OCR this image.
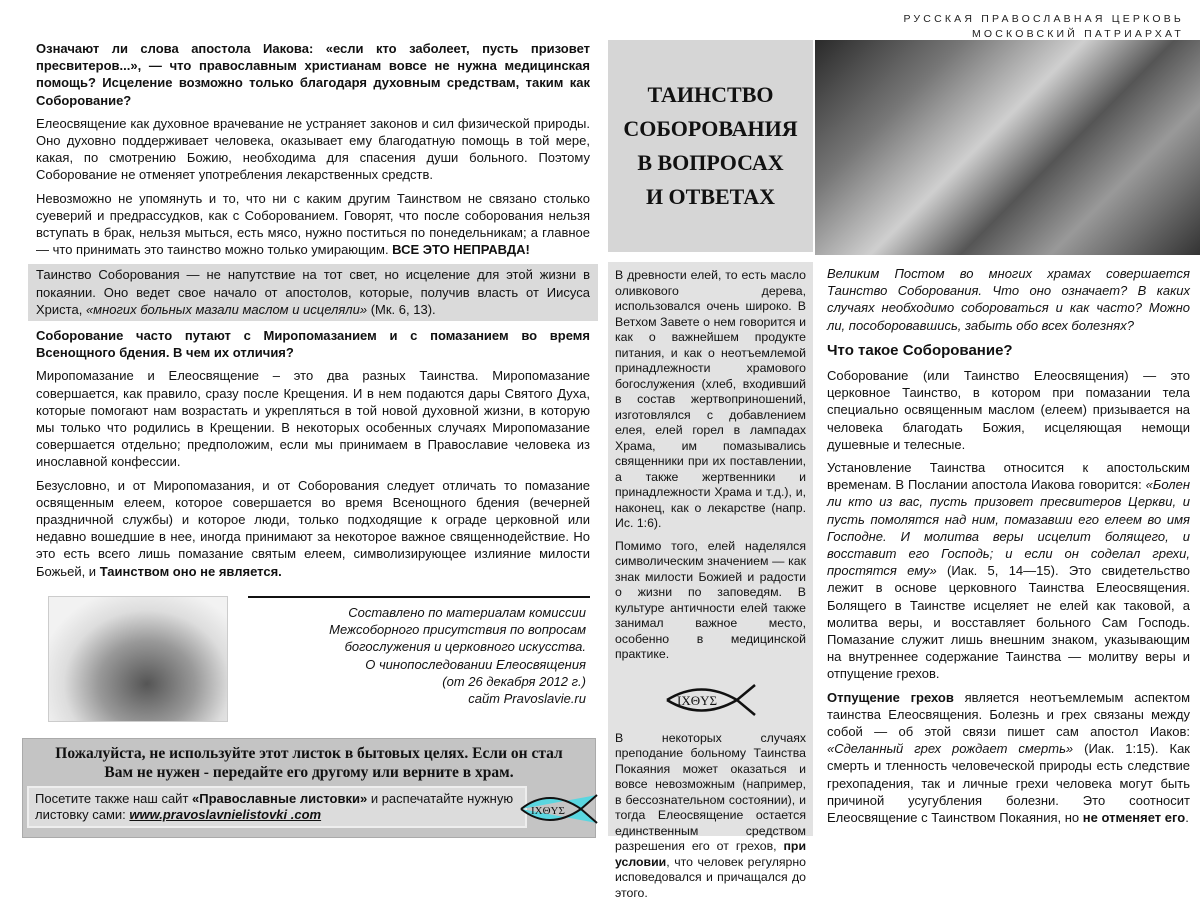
РУССКАЯ ПРАВОСЛАВНАЯ ЦЕРКОВЬ
МОСКОВСКИЙ ПАТРИАРХАТ

Означают ли слова апостола Иакова: «если кто заболеет, пусть призовет пресвитеров...», — что православным христианам вовсе не нужна медицинская помощь? Исцеление возможно только благодаря духовным средствам, таким как Соборование?

Елеосвящение как духовное врачевание не устраняет законов и сил физической природы. Оно духовно поддерживает человека, оказывает ему благодатную помощь в той мере, какая, по смотрению Божию, необходима для спасения души больного. Поэтому Соборование не отменяет употребления лекарственных средств.

Невозможно не упомянуть и то, что ни с каким другим Таинством не связано столько суеверий и предрассудков, как с Соборованием. Говорят, что после соборования нельзя вступать в брак, нельзя мыться, есть мясо, нужно поститься по понедельникам; а главное — что принимать это таинство можно только умирающим. ВСЕ ЭТО НЕПРАВДА!

Таинство Соборования — не напутствие на тот свет, но исцеление для этой жизни в покаянии. Оно ведет свое начало от апостолов, которые, получив власть от Иисуса Христа, «многих больных мазали маслом и исцеляли» (Мк. 6, 13).

Соборование часто путают с Миропомазанием и с помазанием во время Всенощного бдения. В чем их отличия?

Миропомазание и Елеосвящение – это два разных Таинства. Миропомазание совершается, как правило, сразу после Крещения. И в нем подаются дары Святого Духа, которые помогают нам возрастать и укрепляться в той новой духовной жизни, в которую мы только что родились в Крещении. В некоторых особенных случаях Миропомазание совершается отдельно; предположим, если мы принимаем в Православие человека из инославной конфессии.

Безусловно, и от Миропомазания, и от Соборования следует отличать то помазание освященным елеем, которое совершается во время Всенощного бдения (вечерней праздничной службы) и которое люди, только подходящие к ограде церковной или недавно вошедшие в нее, иногда принимают за некоторое важное священнодействие. Но это есть всего лишь помазание святым елеем, символизирующее излияние милости Божьей, и Таинством оно не является.

Составлено по материалам комиссии
Межсоборного присутствия по вопросам
богослужения и церковного искусства.
О чинопоследовании Елеосвящения
(от 26 декабря 2012 г.)
сайт Pravoslavie.ru
Пожалуйста, не используйте этот листок в бытовых целях. Если он стал
Вам не нужен - передайте его другому или верните в храм.
Посетите также наш сайт «Православные листовки» и распечатайте нужную листовку сами: www.pravoslavnielistovki .com	IXΘYΣ
ТАИНСТВО
СОБОРОВАНИЯ
В ВОПРОСАХ
И ОТВЕТАХ

В древности елей, то есть масло оливкового дерева, использовался очень широко. В Ветхом Завете о нем говорится и как о важнейшем продукте питания, и как о неотъемлемой принадлежности храмового богослужения (хлеб, входивший в состав жертвоприношений, изготовлялся с добавлением елея, елей горел в лампадах Храма, им помазывались священники при их поставлении, а также жертвенники и принадлежности Храма и т.д.), и, наконец, как о лекарстве (напр. Ис. 1:6).

Помимо того, елей наделялся символическим значением — как знак милости Божией и радости о жизни по заповедям. В культуре античности елей также занимал важное место, особенно в медицинской практике.

IXΘYΣ

В некоторых случаях преподание больному Таинства Покаяния может оказаться и вовсе невозможным (например, в бессознательном состоянии), и тогда Елеосвящение остается единственным средством разрешения его от грехов, при условии, что человек регулярно исповедовался и причащался до этого.

Великим Постом во многих храмах совершается Таинство Соборования. Что оно означает? В каких случаях необходимо собороваться и как часто? Можно ли, пособоровавшись, забыть обо всех болезнях?

Что такое Соборование?

Соборование (или Таинство Елеосвящения) — это церковное Таинство, в котором при помазании тела специально освященным маслом (елеем) призывается на человека благодать Божия, исцеляющая немощи душевные и телесные.

Установление Таинства относится к апостольским временам. В Послании апостола Иакова говорится: «Болен ли кто из вас, пусть призовет пресвитеров Церкви, и пусть помолятся над ним, помазавши его елеем во имя Господне. И молитва веры исцелит болящего, и восставит его Господь; и если он соделал грехи, простятся ему» (Иак. 5, 14—15). Это свидетельство лежит в основе церковного Таинства Елеосвящения. Болящего в Таинстве исцеляет не елей как таковой, а молитва веры, и восставляет больного Сам Господь. Помазание служит лишь внешним знаком, указывающим на внутреннее содержание Таинства — молитву веры и отпущение грехов.

Отпущение грехов является неотъемлемым аспектом таинства Елеосвящения. Болезнь и грех связаны между собой — об этой связи пишет сам апостол Иаков: «Сделанный грех рождает смерть» (Иак. 1:15). Как смерть и тленность человеческой природы есть следствие грехопадения, так и личные грехи человека могут быть причиной усугубления болезни. Это соотносит Елеосвящение с Таинством Покаяния, но не отменяет его.
